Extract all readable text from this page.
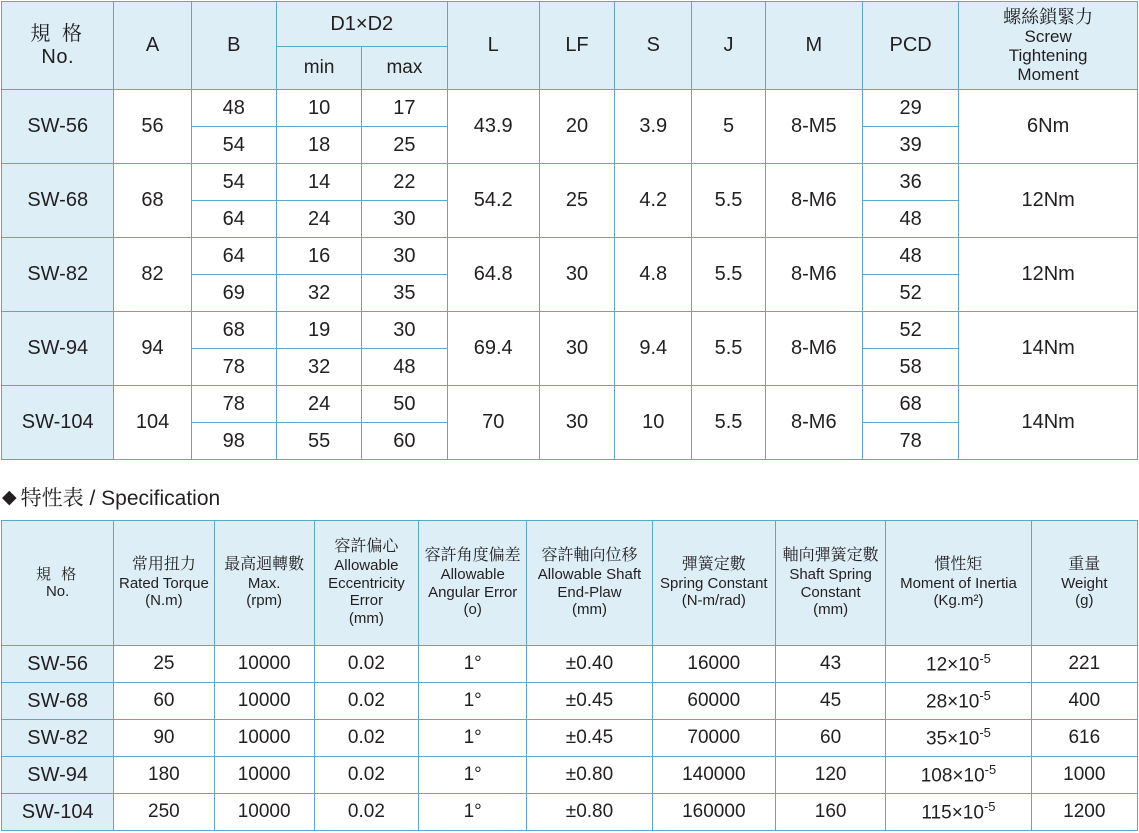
規 格
No.	A	B	D1×D2		L	LF	S	J	M	PCD	螺絲鎖緊力
Screw
Tightening
Moment

			min	max							
SW-56	56	48	10	17	43.9	20	3.9	5	8-M5	29	6Nm
		54	18	25						39	
SW-68	68	54	14	22	54.2	25	4.2	5.5	8-M6	36	12Nm
		64	24	30						48	
SW-82	82	64	16	30	64.8	30	4.8	5.5	8-M6	48	12Nm
		69	32	35						52	
SW-94	94	68	19	30	69.4	30	9.4	5.5	8-M6	52	14Nm
		78	32	48						58	
SW-104	104	78	24	50	70	30	10	5.5	8-M6	68	14Nm
		98	55	60						78	
◆ 特性表 / Specification
規 格
No.	常用扭力
Rated Torque
(N.m)	最高迴轉數
Max.
(rpm)	容許偏心
Allowable Eccentricity Error
(mm)	容許角度偏差
Allowable Angular Error
(o)	容許軸向位移
Allowable Shaft End-Plaw
(mm)	彈簧定數
Spring Constant
(N-m/rad)	軸向彈簧定數
Shaft Spring Constant
(mm)	慣性矩
Moment of Inertia
(Kg.m²)	重量
Weight
(g)
SW-56	25	10000	0.02	1°	±0.40	16000	43	$12\times 10^{-5}$	221
SW-68	60	10000	0.02	1°	±0.45	60000	45	$28\times 10^{-5}$	400
SW-82	90	10000	0.02	1°	±0.45	70000	60	$35\times 10^{-5}$	616
SW-94	180	10000	0.02	1°	±0.80	140000	120	$108\times 10^{-5}$	1000
SW-104	250	10000	0.02	1°	±0.80	160000	160	$115\times 10^{-5}$	1200
